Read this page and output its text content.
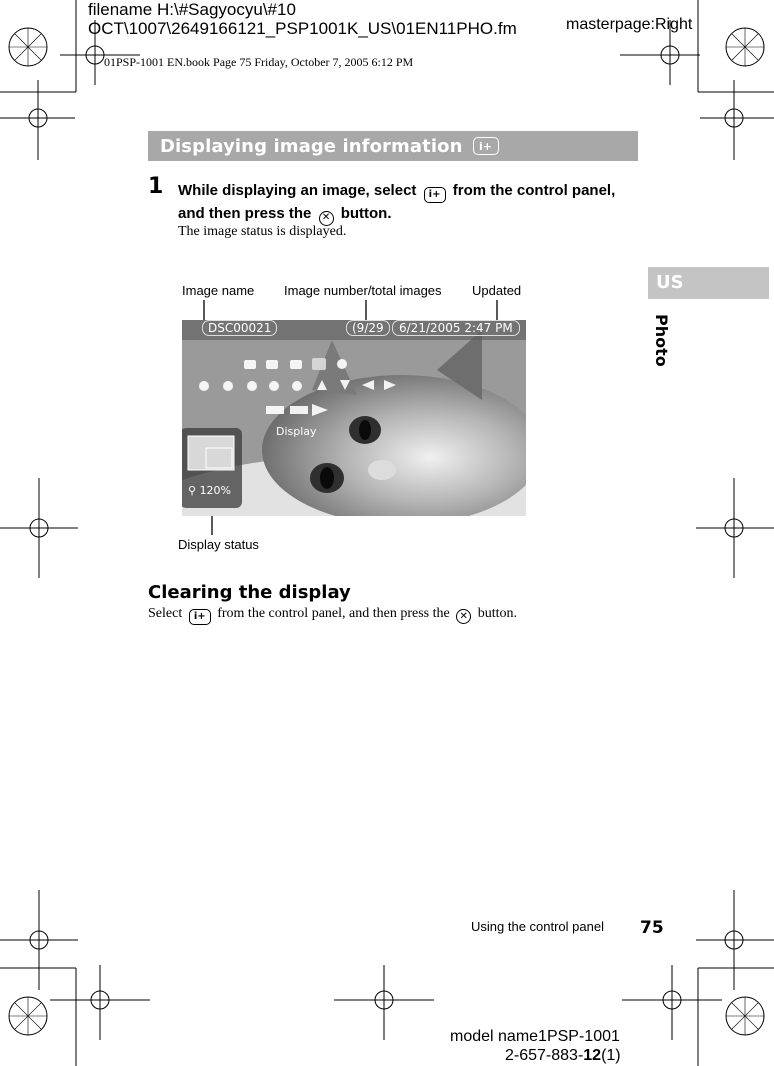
filename H:\#Sagyocyu\#10
OCT\1007\2649166121_PSP1001K_US\01EN11PHO.fm	masterpage:Right
01PSP-1001 EN.book Page 75 Friday, October 7, 2005 6:12 PM
Displaying image information	i+
1 While displaying an image, select i+ from the control panel, and then press the ✕ button.
The image status is displayed.
Image name Image number/total images Updated
Display status
DSC00021	(9/29	6/21/2005 2:47 PM
Display
⚲ 120%
Clearing the display
Select i+ from the control panel, and then press the ✕ button.
US
Photo
Using the control panel 75
model name1PSP-1001
2-657-883-12(1)
